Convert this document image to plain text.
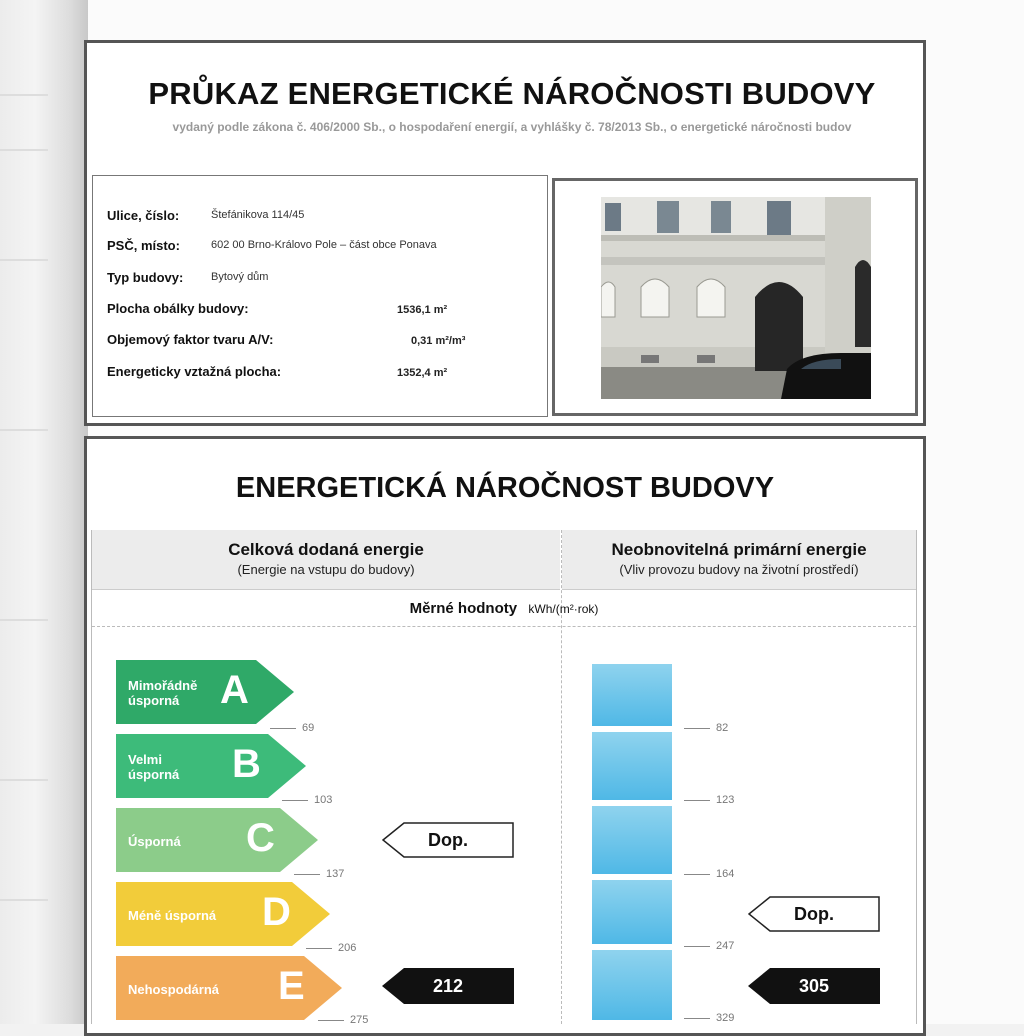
PRŮKAZ ENERGETICKÉ NÁROČNOSTI BUDOVY
vydaný podle zákona č. 406/2000 Sb., o hospodaření energií, a vyhlášky č. 78/2013 Sb., o energetické náročnosti budov
Ulice, číslo:	Štefánikova 114/45
PSČ, místo:	602 00 Brno-Královo Pole – část obce Ponava
Typ budovy:	Bytový dům
Plocha obálky budovy:	1536,1 m²
Objemový faktor tvaru A/V:	0,31 m²/m³
Energeticky vztažná plocha:	1352,4 m²
ENERGETICKÁ NÁROČNOST BUDOVY
Celková dodaná energie
(Energie na vstupu do budovy)
Neobnovitelná primární energie
(Vliv provozu budovy na životní prostředí)
Měrné hodnoty kWh/(m²·rok)
Mimořádně
úsporná	A
69
Velmi
úsporná	B
103
Úsporná	C
137
Méně úsporná D
206
Nehospodárná E
275
Dop.
212
82
123
164
247
329
Dop.
305
